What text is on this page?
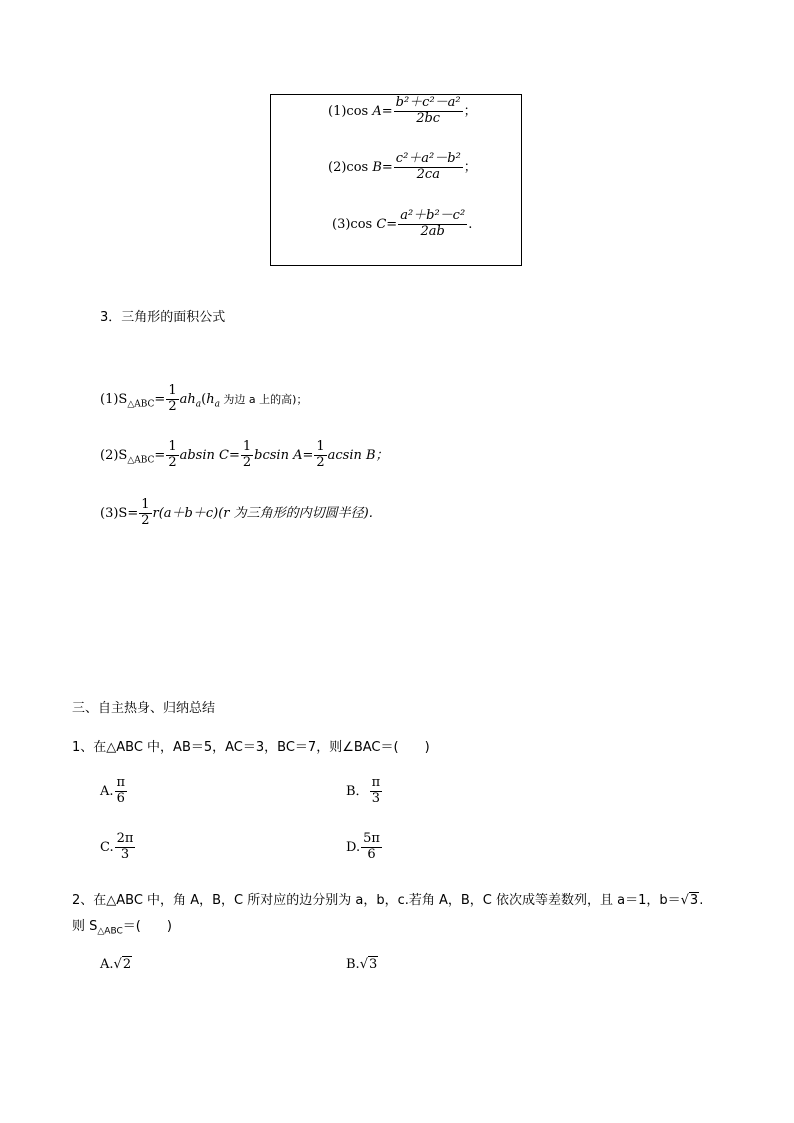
(1)cos $A= \frac{\text{b²＋c²－a²}}{2bc}$ ；
(2)cos $B= \frac{\text{c²＋a²－b²}}{2ca}$ ；
(3)cos $C= \frac{\text{a²＋b²－c²}}{2ab}$ .
3．三角形的面积公式
$(1)S_{\triangle ABC}= \frac{1}{2} ah_a(h_a$ 为边 a 上的高)；
$(2)S_{\triangle ABC}= \frac{1}{2}$ absin $C= \frac{1}{2}$ bcsin $A= \frac{1}{2}$ acsin B；
$(3)S= \frac{1}{2} r(a+b+c)(r$ 为三角形的内切圆半径).
三、自主热身、归纳总结
1、在△ABC 中，AB＝5，AC＝3，BC＝7，则∠BAC＝(　　)
A. $\frac{\pi}{6}$	B． $\frac{\pi}{3}$
C. $\frac{2\pi}{3}$	D. $\frac{5\pi}{6}$
2、在△ABC 中，角 A，B，C 所对应的边分别为 a，b，c.若角 A，B，C 依次成等差数列，且 a＝1，b＝√3.
则 $S_{\triangle ABC}=$(　　)
A.√2	B.√3
